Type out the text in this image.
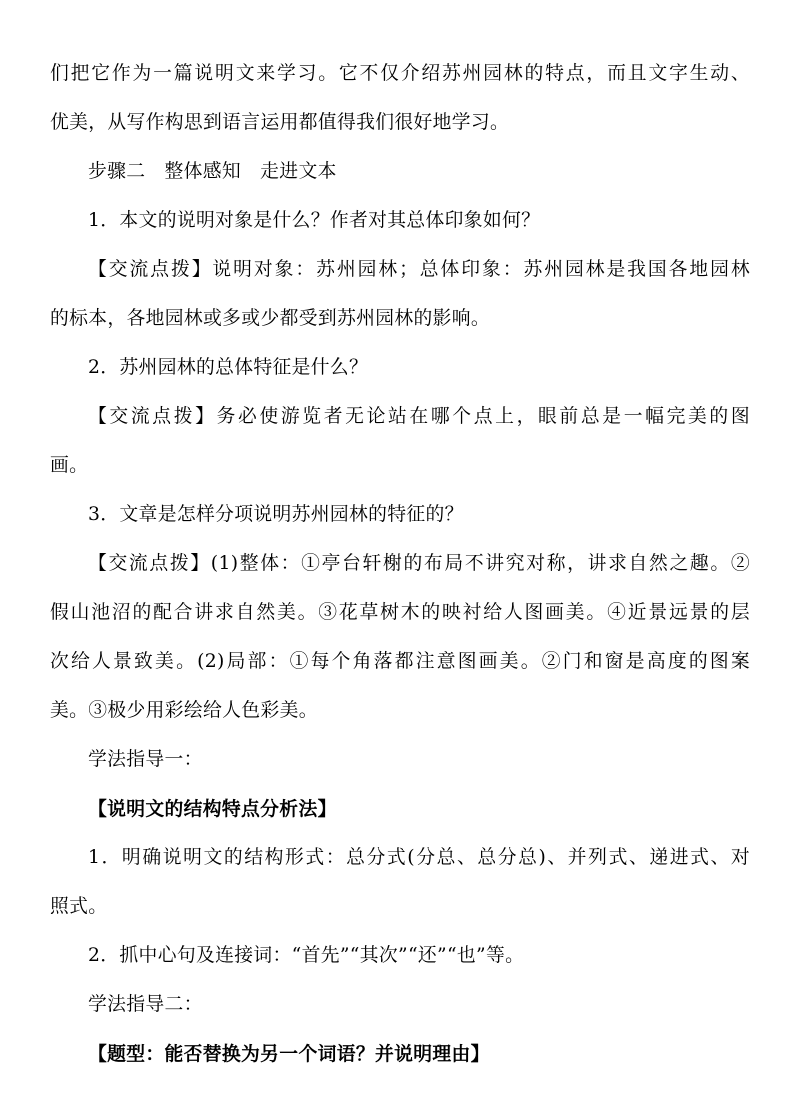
们把它作为一篇说明文来学习。它不仅介绍苏州园林的特点，而且文字生动、
优美，从写作构思到语言运用都值得我们很好地学习。
步骤二　整体感知　走进文本
1．本文的说明对象是什么？作者对其总体印象如何？
【交流点拨】说明对象：苏州园林；总体印象：苏州园林是我国各地园林
的标本，各地园林或多或少都受到苏州园林的影响。
2．苏州园林的总体特征是什么？
【交流点拨】务必使游览者无论站在哪个点上，眼前总是一幅完美的图
画。
3．文章是怎样分项说明苏州园林的特征的？
【交流点拨】(1)整体：①亭台轩榭的布局不讲究对称，讲求自然之趣。②
假山池沼的配合讲求自然美。③花草树木的映衬给人图画美。④近景远景的层
次给人景致美。(2)局部：①每个角落都注意图画美。②门和窗是高度的图案
美。③极少用彩绘给人色彩美。
学法指导一：
【说明文的结构特点分析法】
1．明确说明文的结构形式：总分式(分总、总分总)、并列式、递进式、对
照式。
2．抓中心句及连接词：“首先”“其次”“还”“也”等。
学法指导二：
【题型：能否替换为另一个词语？并说明理由】
